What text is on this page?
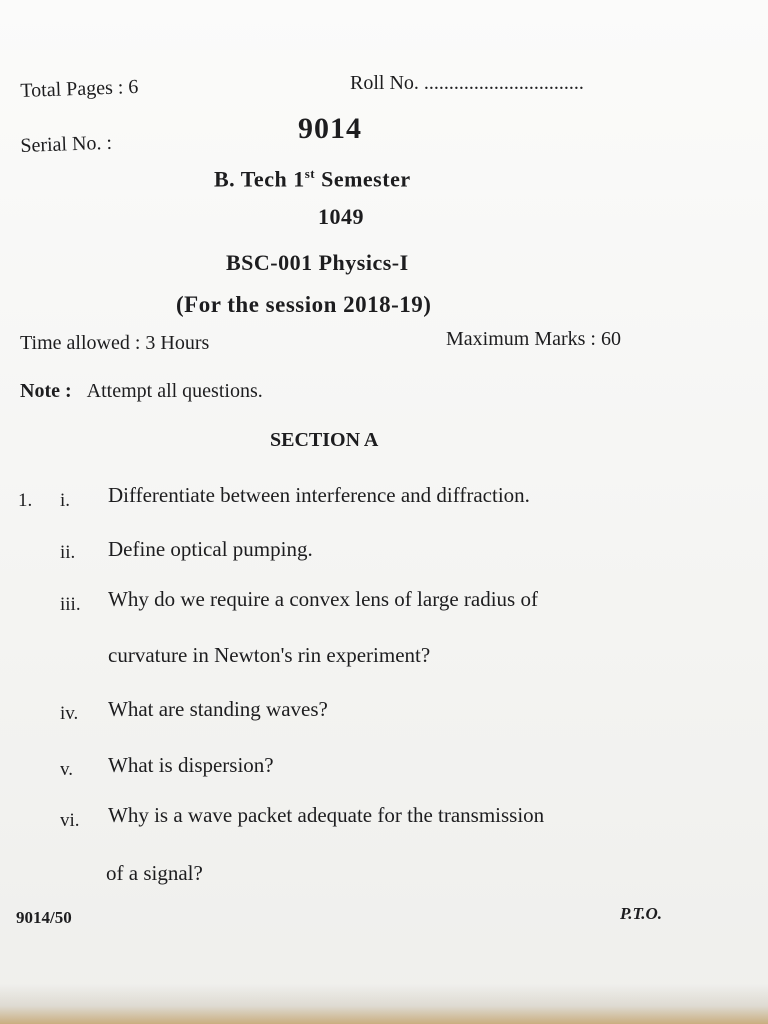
Total Pages : 6	Roll No. ................................
Serial No. :	9014
B. Tech 1st Semester
1049
BSC-001 Physics-I
(For the session 2018-19)
Time allowed : 3 Hours	Maximum Marks : 60
Note : Attempt all questions.
SECTION A
1. i. Differentiate between interference and diffraction.
ii. Define optical pumping.
iii. Why do we require a convex lens of large radius of
curvature in Newton's rin experiment?
iv. What are standing waves?
v. What is dispersion?
vi. Why is a wave packet adequate for the transmission
of a signal?
9014/50	P.T.O.
